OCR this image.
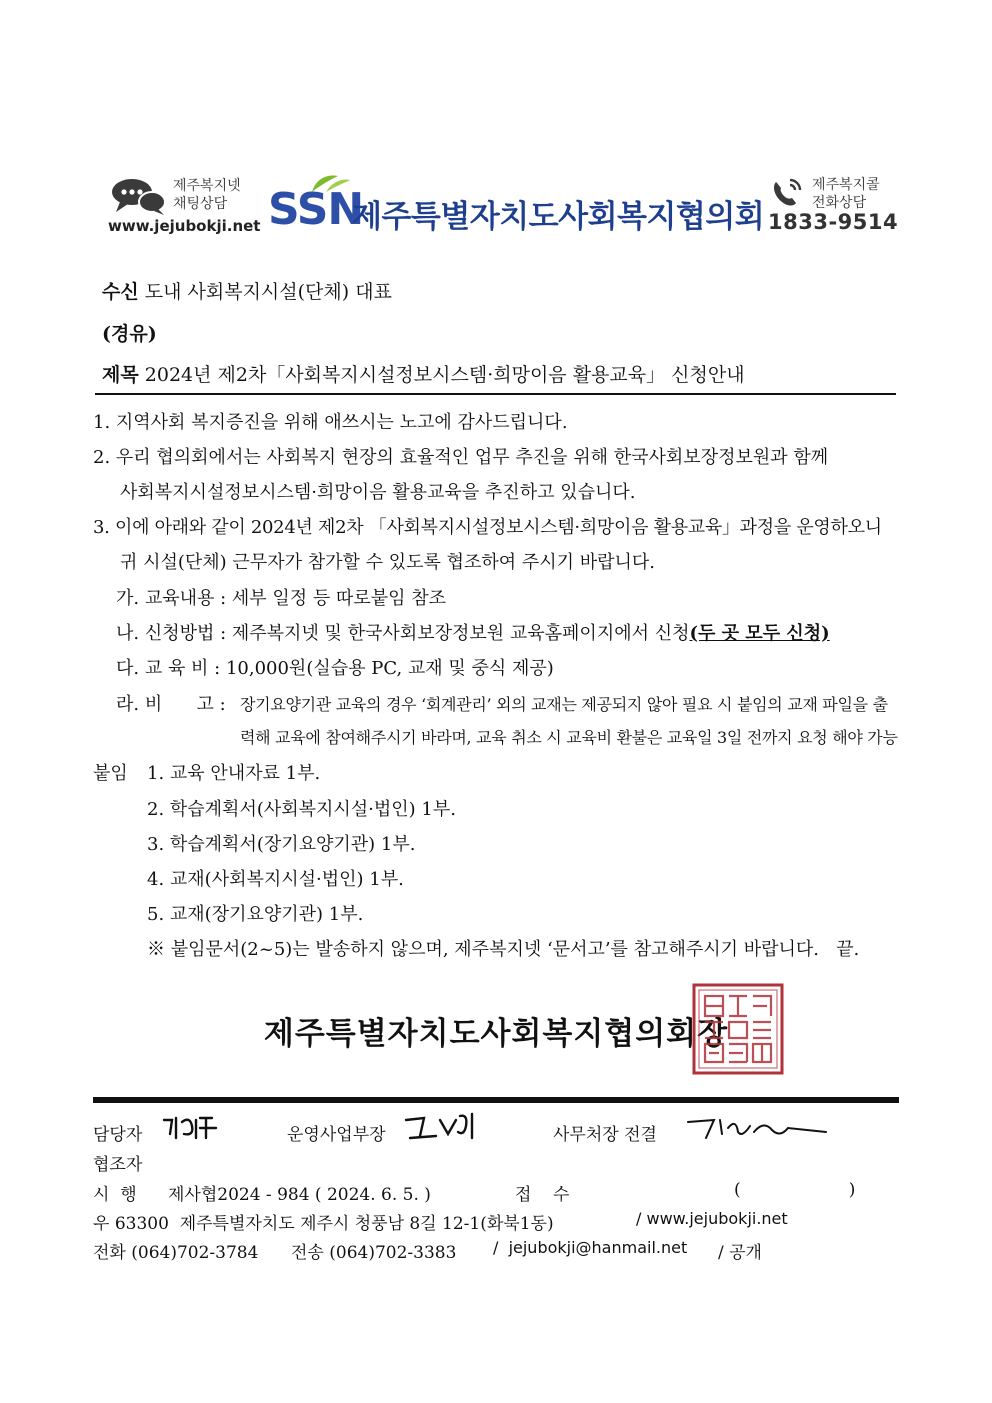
제주복지넷
채팅상담
www.jejubokji.net SSN
제주특별자치도사회복지협의회
제주복지콜
전화상담
1833-9514
수신 도내 사회복지시설(단체) 대표
(경유)
제목 2024년 제2차「사회복지시설정보시스템·희망이음 활용교육」 신청안내
1. 지역사회 복지증진을 위해 애쓰시는 노고에 감사드립니다.
2. 우리 협의회에서는 사회복지 현장의 효율적인 업무 추진을 위해 한국사회보장정보원과 함께
사회복지시설정보시스템·희망이음 활용교육을 추진하고 있습니다.
3. 이에 아래와 같이 2024년 제2차 「사회복지시설정보시스템·희망이음 활용교육」과정을 운영하오니
귀 시설(단체) 근무자가 참가할 수 있도록 협조하여 주시기 바랍니다.
가. 교육내용 : 세부 일정 등 따로붙임 참조
나. 신청방법 : 제주복지넷 및 한국사회보장정보원 교육홈페이지에서 신청(두 곳 모두 신청)
다. 교 육 비 : 10,000원(실습용 PC, 교재 및 중식 제공)
라. 비      고 : 장기요양기관 교육의 경우 ‘회계관리’ 외의 교재는 제공되지 않아 필요 시 붙임의 교재 파일을 출
력해 교육에 참여해주시기 바라며, 교육 취소 시 교육비 환불은 교육일 3일 전까지 요청 해야 가능
붙임 1. 교육 안내자료 1부.
2. 학습계획서(사회복지시설·법인) 1부.
3. 학습계획서(장기요양기관) 1부.
4. 교재(사회복지시설·법인) 1부.
5. 교재(장기요양기관) 1부.
※ 붙임문서(2~5)는 발송하지 않으며, 제주복지넷 ‘문서고’를 참고해주시기 바랍니다.   끝.
제주특별자치도사회복지협의회장
담당자	운영사업부장	사무처장 전결
협조자
시  행 제사협2024 - 984 ( 2024. 6. 5. )	접    수	(                    )
우 63300  제주특별자치도 제주시 청풍남 8길 12-1(화북1동)	/ www.jejubokji.net
전화 (064)702-3784 전송 (064)702-3383 /  jejubokji@hanmail.net / 공개
